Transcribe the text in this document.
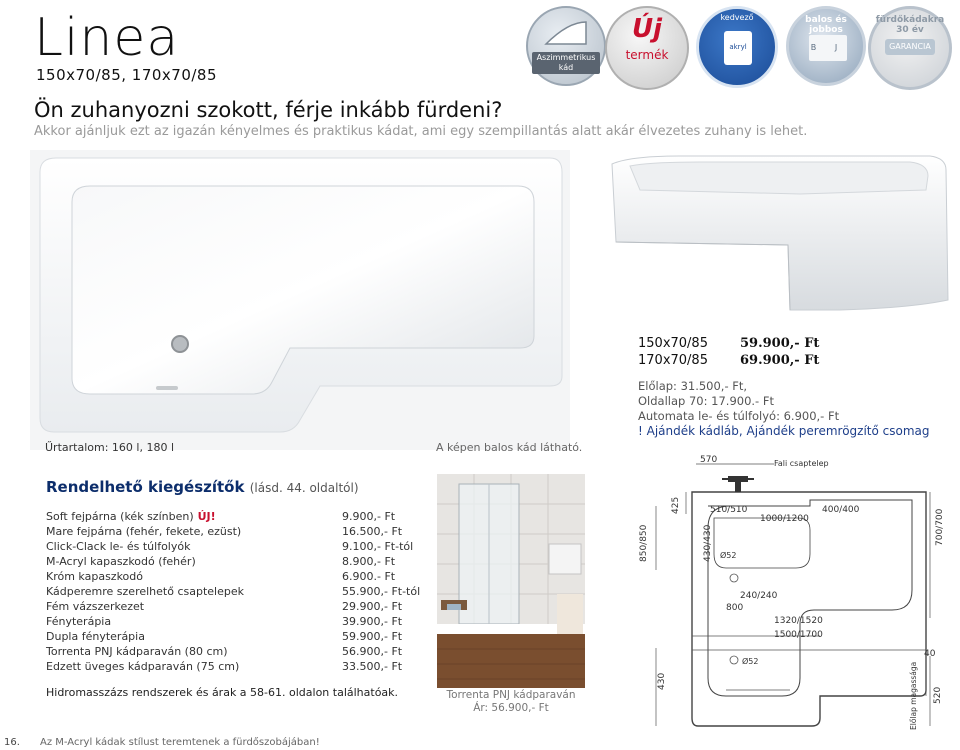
Linea
150x70/85, 170x70/85
Ön zuhanyozni szokott, férje inkább fürdeni?
Akkor ajánljuk ezt az igazán kényelmes és praktikus kádat, ami egy szempillantás alatt akár élvezetes zuhany is lehet.
Aszimmetrikus kád
Új
termék
kedvező
akryl
balos és jobbos
B J
fürdőkádakra 30 év
GARANCIA
Űrtartalom: 160 l, 180 l	A képen balos kád látható.
150x70/85 59.900,- Ft
170x70/85 69.900,- Ft
Előlap: 31.500,- Ft,
Oldallap 70: 17.900.- Ft
Automata le- és túlfolyó: 6.900,- Ft
! Ajándék kádláb, Ajándék peremrögzítő csomag
Rendelhető kiegészítők (lásd. 44. oldaltól)
Soft fejpárna (kék színben) ÚJ!	9.900,- Ft
Mare fejpárna (fehér, fekete, ezüst)	16.500,- Ft
Click-Clack le- és túlfolyók	9.100,- Ft-tól
M-Acryl kapaszkodó (fehér)	8.900,- Ft
Króm kapaszkodó	6.900.- Ft
Kádperemre szerelhető csaptelepek	55.900,- Ft-tól
Fém vázszerkezet	29.900,- Ft
Fényterápia	39.900,- Ft
Dupla fényterápia	59.900,- Ft
Torrenta PNJ kádparaván (80 cm)	56.900,- Ft
Edzett üveges kádparaván (75 cm)	33.500,- Ft
Hidromasszázs rendszerek és árak a 58-61. oldalon találhatóak.	Torrenta PNJ kádparaván
Ár: 56.900,- Ft
570	Fali csaptelep
425
850/850
510/510
1000/1200
400/400	700/700
430/430 Ø52
240/240
800
1320/1520
1500/1700
Ø52
40
430	Előlap magassága 520
16. Az M-Acryl kádak stílust teremtenek a fürdőszobájában!
